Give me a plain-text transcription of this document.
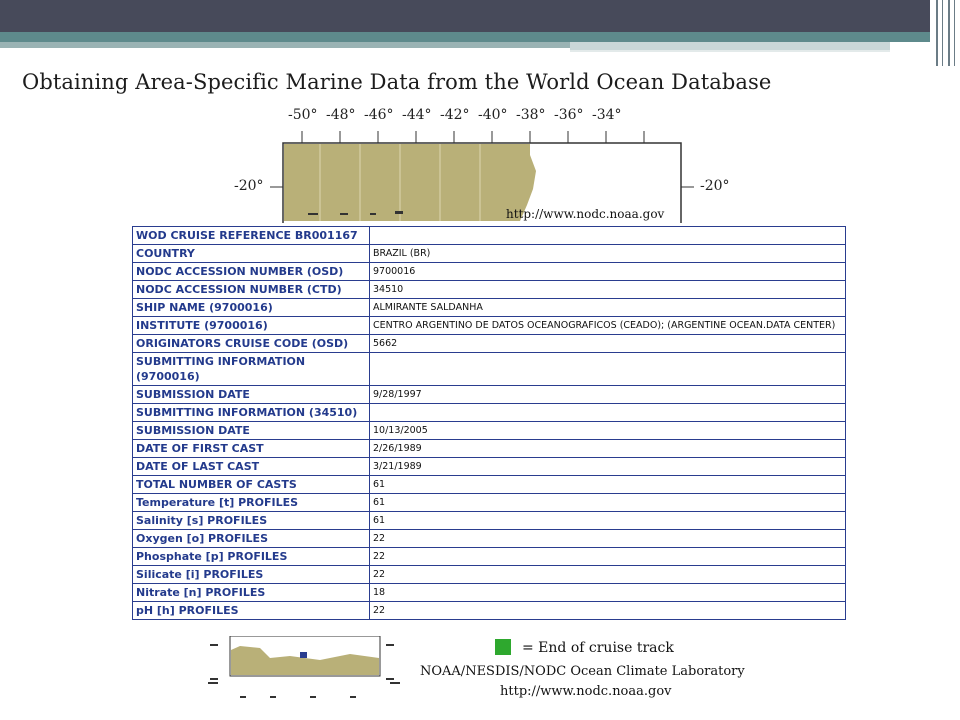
Obtaining Area-Specific Marine Data from the World Ocean Database
-50° -48° -46° -44° -42° -40° -38° -36° -34°
-20°	-20°
http://www.nodc.noaa.gov
WOD CRUISE REFERENCE BR001167	
COUNTRY	BRAZIL (BR)
NODC ACCESSION NUMBER (OSD)	9700016
NODC ACCESSION NUMBER (CTD)	34510
SHIP NAME (9700016)	ALMIRANTE SALDANHA
INSTITUTE (9700016)	CENTRO ARGENTINO DE DATOS OCEANOGRAFICOS (CEADO); (ARGENTINE OCEAN.DATA CENTER)
ORIGINATORS CRUISE CODE (OSD)	5662
SUBMITTING INFORMATION (9700016)	
SUBMISSION DATE	9/28/1997
SUBMITTING INFORMATION (34510)	
SUBMISSION DATE	10/13/2005
DATE OF FIRST CAST	2/26/1989
DATE OF LAST CAST	3/21/1989
TOTAL NUMBER OF CASTS	61
Temperature [t] PROFILES	61
Salinity [s] PROFILES	61
Oxygen [o] PROFILES	22
Phosphate [p] PROFILES	22
Silicate [i] PROFILES	22
Nitrate [n] PROFILES	18
pH [h] PROFILES	22
= End of cruise track
NOAA/NESDIS/NODC Ocean Climate Laboratory
http://www.nodc.noaa.gov
